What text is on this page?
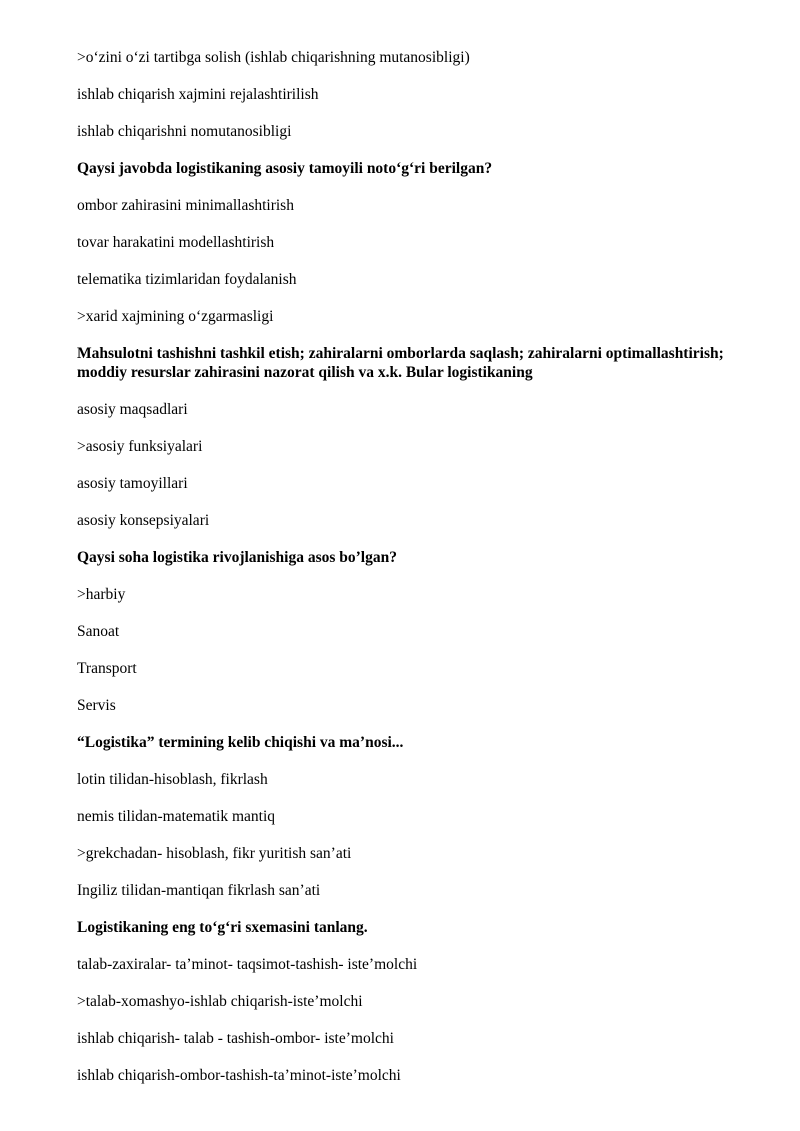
>o‘zini o‘zi tartibga solish (ishlab chiqarishning mutanosibligi)

ishlab chiqarish xajmini rejalashtirilish

ishlab chiqarishni nomutanosibligi

Qaysi javobda logistikaning asosiy tamoyili noto‘g‘ri berilgan?

ombor zahirasini minimallashtirish

tovar harakatini modellashtirish

telematika tizimlaridan foydalanish

>xarid xajmining o‘zgarmasligi

Mahsulotni tashishni tashkil etish; zahiralarni omborlarda saqlash; zahiralarni optimallashtirish; moddiy resurslar zahirasini nazorat qilish va x.k. Bular logistikaning

asosiy maqsadlari

>asosiy funksiyalari

asosiy tamoyillari

asosiy konsepsiyalari

Qaysi soha logistika rivojlanishiga asos bo’lgan?

>harbiy

Sanoat

Transport

Servis

“Logistika” termining kelib chiqishi va ma’nosi...

lotin tilidan-hisoblash, fikrlash

nemis tilidan-matematik mantiq

>grekchadan- hisoblash, fikr yuritish san’ati

Ingiliz tilidan-mantiqan fikrlash san’ati

Logistikaning eng to‘g‘ri sxemasini tanlang.

talab-zaxiralar- ta’minot- taqsimot-tashish- iste’molchi

>talab-xomashyo-ishlab chiqarish-iste’molchi

ishlab chiqarish- talab - tashish-ombor- iste’molchi

ishlab chiqarish-ombor-tashish-ta’minot-iste’molchi
